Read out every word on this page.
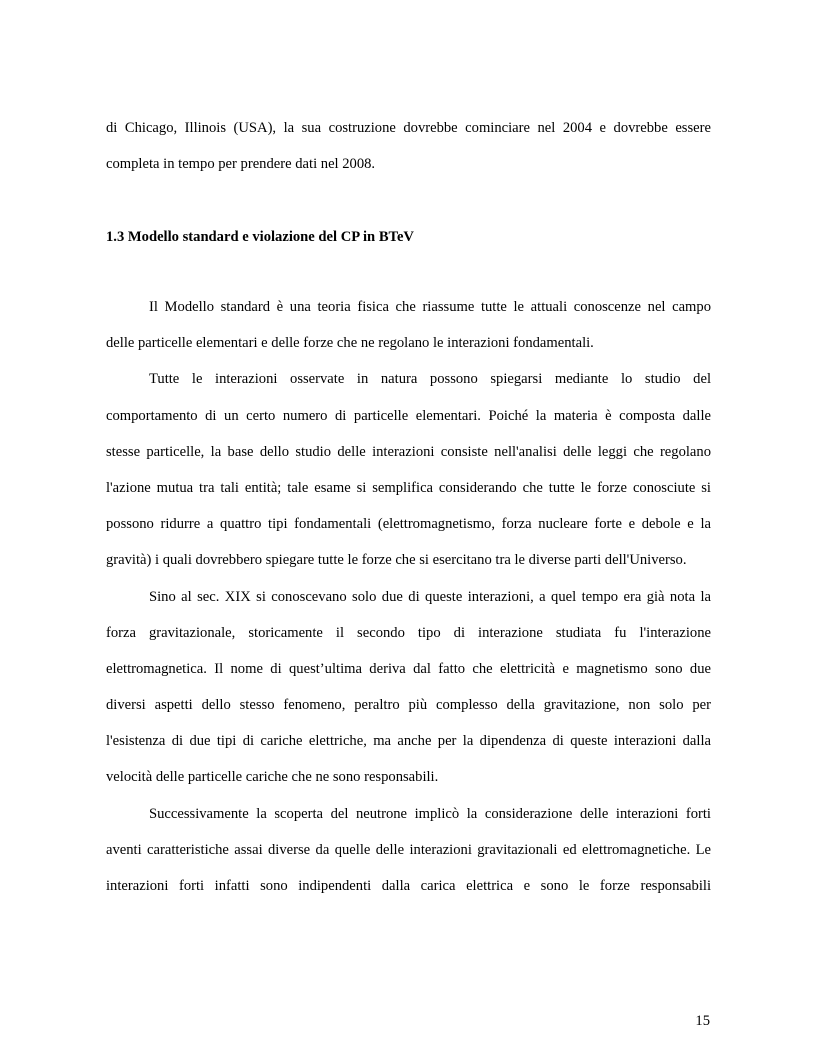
di Chicago, Illinois (USA), la sua costruzione dovrebbe cominciare nel 2004 e dovrebbe essere
completa in tempo per prendere dati nel 2008.
1.3 Modello standard e violazione del CP in BTeV
Il Modello standard è una teoria fisica che riassume tutte le attuali conoscenze nel campo
delle particelle elementari e delle forze che ne regolano le interazioni fondamentali.
Tutte le interazioni osservate in natura possono spiegarsi mediante lo studio del
comportamento di un certo numero di particelle elementari. Poiché la materia è composta dalle
stesse particelle, la base dello studio delle interazioni consiste nell'analisi delle leggi che regolano
l'azione mutua tra tali entità; tale esame si semplifica considerando che tutte le forze conosciute si
possono ridurre a quattro tipi fondamentali (elettromagnetismo, forza nucleare forte e debole e la
gravità) i quali dovrebbero spiegare tutte le forze che si esercitano tra le diverse parti dell'Universo.
Sino al sec. XIX si conoscevano solo due di queste interazioni, a quel tempo era già nota la
forza gravitazionale, storicamente il secondo tipo di interazione studiata fu l'interazione
elettromagnetica. Il nome di quest’ultima deriva dal fatto che elettricità e magnetismo sono due
diversi aspetti dello stesso fenomeno, peraltro più complesso della gravitazione, non solo per
l'esistenza di due tipi di cariche elettriche, ma anche per la dipendenza di queste interazioni dalla
velocità delle particelle cariche che ne sono responsabili.
Successivamente la scoperta del neutrone implicò la considerazione delle interazioni forti
aventi caratteristiche assai diverse da quelle delle interazioni gravitazionali ed elettromagnetiche. Le
interazioni forti infatti sono indipendenti dalla carica elettrica e sono le forze responsabili
15
